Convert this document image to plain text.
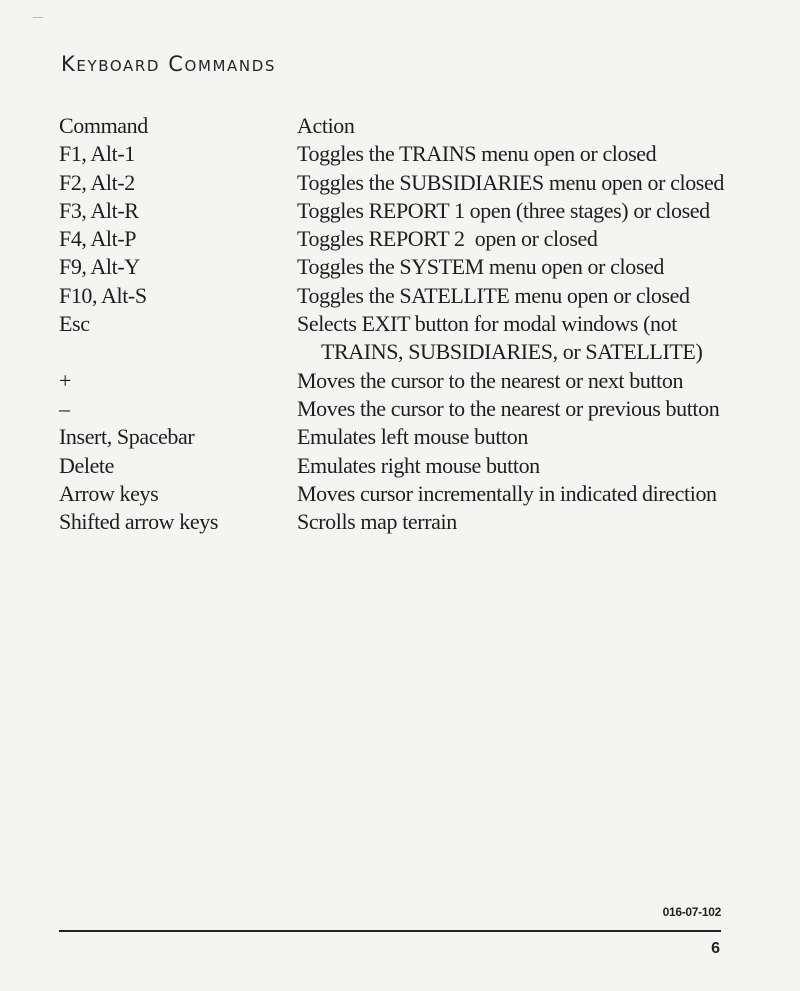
Keyboard Commands
Command	Action
F1, Alt-1	Toggles the TRAINS menu open or closed
F2, Alt-2	Toggles the SUBSIDIARIES menu open or closed
F3, Alt-R	Toggles REPORT 1 open (three stages) or closed
F4, Alt-P	Toggles REPORT 2  open or closed
F9, Alt-Y	Toggles the SYSTEM menu open or closed
F10, Alt-S	Toggles the SATELLITE menu open or closed
Esc	Selects EXIT button for modal windows (not TRAINS, SUBSIDIARIES, or SATELLITE)
+	Moves the cursor to the nearest or next button
–	Moves the cursor to the nearest or previous button
Insert, Spacebar	Emulates left mouse button
Delete	Emulates right mouse button
Arrow keys	Moves cursor incrementally in indicated direction
Shifted arrow keys	Scrolls map terrain
016-07-102
6
